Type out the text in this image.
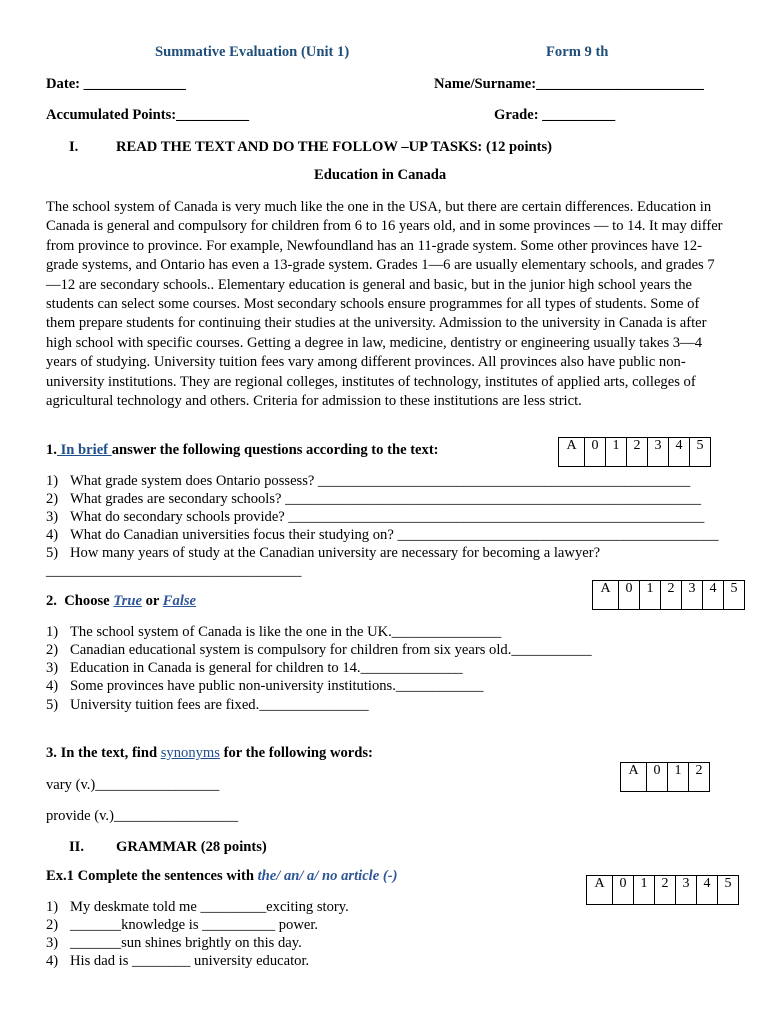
Summative Evaluation (Unit 1)	Form 9 th
Date: ______________	Name/Surname:_______________________
Accumulated Points:__________	Grade: __________
I.	READ THE TEXT AND DO THE FOLLOW –UP TASKS: (12 points)
Education in Canada
The school system of Canada is very much like the one in the USA, but there are certain differences. Education in Canada is general and compulsory for children from 6 to 16 years old, and in some provinces — to 14. It may differ from province to province. For example, Newfoundland has an 11-grade system. Some other provinces have 12-grade systems, and Ontario has even a 13-grade system. Grades 1—6 are usually elementary schools, and grades 7—12 are secondary schools.. Elementary education is general and basic, but in the junior high school years the students can select some courses. Most secondary schools ensure programmes for all types of students. Some of them prepare students for continuing their studies at the university. Admission to the university in Canada is after high school with specific courses. Getting a degree in law, medicine, dentistry or engineering usually takes 3—4 years of studying. University tuition fees vary among different provinces. All provinces also have public non-university institutions. They are regional colleges, institutes of technology, institutes of applied arts, colleges of agricultural technology and others. Criteria for admission to these institutions are less strict.
1. In brief answer the following questions according to the text:	A	0	1	2	3	4	5
1) What grade system does Ontario possess? ___________________________________________________
2) What grades are secondary schools? _________________________________________________________
3) What do secondary schools provide? _________________________________________________________
4) What do Canadian universities focus their studying on? ____________________________________________
5) How many years of study at the Canadian university are necessary for becoming a lawyer?
___________________________________
A	0	1	2	3	4	5
2. Choose True or False
1) The school system of Canada is like the one in the UK._______________
2) Canadian educational system is compulsory for children from six years old.___________
3) Education in Canada is general for children to 14.______________
4) Some provinces have public non-university institutions.____________
5) University tuition fees are fixed._______________
3. In the text, find synonyms for the following words:
A	0	1	2
vary (v.)_________________
provide (v.)_________________
II. GRAMMAR (28 points)
Ex.1 Complete the sentences with the/ an/ a/ no article (-)	A	0	1	2	3	4	5
1) My deskmate told me _________exciting story.
2) _______knowledge is __________ power.
3) _______sun shines brightly on this day.
4) His dad is ________ university educator.
